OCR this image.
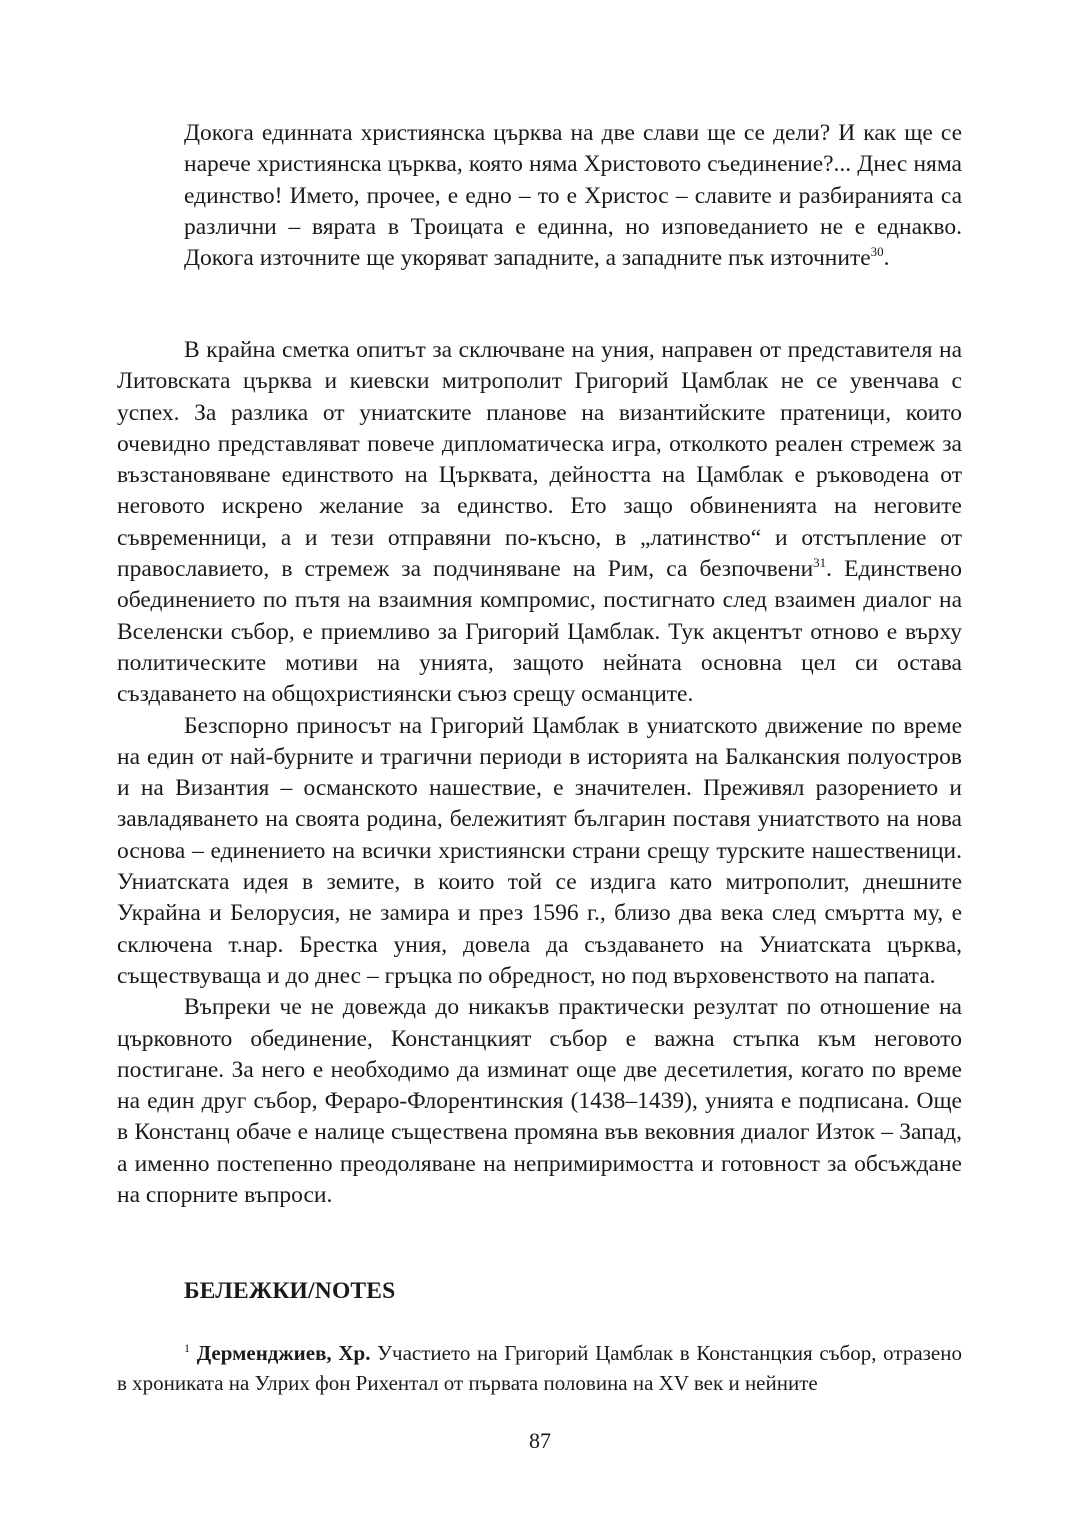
Докога единната християнска църква на две слави ще се дели? И как ще се нарече християнска църква, която няма Христовото съединение?... Днес няма единство! Името, прочее, е едно – то е Христос – славите и разбиранията са различни – вярата в Троицата е единна, но изповеданието не е еднакво. Докога източните ще укоряват западните, а западните пък източните$^{30}$.

В крайна сметка опитът за сключване на уния, направен от представителя на Литовската църква и киевски митрополит Григорий Цамблак не се увенчава с успех. За разлика от униатските планове на византийските пратеници, които очевидно представляват повече дипломатическа игра, отколкото реален стремеж за възстановяване единството на Църквата, дейността на Цамблак е ръководена от неговото искрено желание за единство. Ето защо обвиненията на неговите съвременници, а и тези отправяни по-късно, в „латинство“ и отстъпление от православието, в стремеж за подчиняване на Рим, са безпочвени$^{31}$. Единствено обединението по пътя на взаимния компромис, постигнато след взаимен диалог на Вселенски събор, е приемливо за Григорий Цамблак. Тук акцентът отново е върху политическите мотиви на унията, защото нейната основна цел си остава създаването на общохристиянски съюз срещу османците.

Безспорно приносът на Григорий Цамблак в униатското движение по време на един от най-бурните и трагични периоди в историята на Балканския полуостров и на Византия – османското нашествие, е значителен. Преживял разорението и завладяването на своята родина, бележитият българин поставя униатството на нова основа – единението на всички християнски страни срещу турските нашественици. Униатската идея в земите, в които той се издига като митрополит, днешните Украйна и Белорусия, не замира и през 1596 г., близо два века след смъртта му, е сключена т.нар. Брестка уния, довела да създаването на Униатската църква, съществуваща и до днес – гръцка по обредност, но под върховенството на папата.

Въпреки че не довежда до никакъв практически резултат по отношение на църковното обединение, Констанцкият събор е важна стъпка към неговото постигане. За него е необходимо да изминат още две десетилетия, когато по време на един друг събор, Фераро-Флорентинския (1438–1439), унията е подписана. Още в Констанц обаче е налице съществена промяна във вековния диалог Изток – Запад, а именно постепенно преодоляване на непримиримостта и готовност за обсъждане на спорните въпроси.

БЕЛЕЖКИ/NOTES

$^1$ Дерменджиев, Хр. Участието на Григорий Цамблак в Констанцкия събор, отразено в хрониката на Улрих фон Рихентал от първата половина на XV век и нейните

87
